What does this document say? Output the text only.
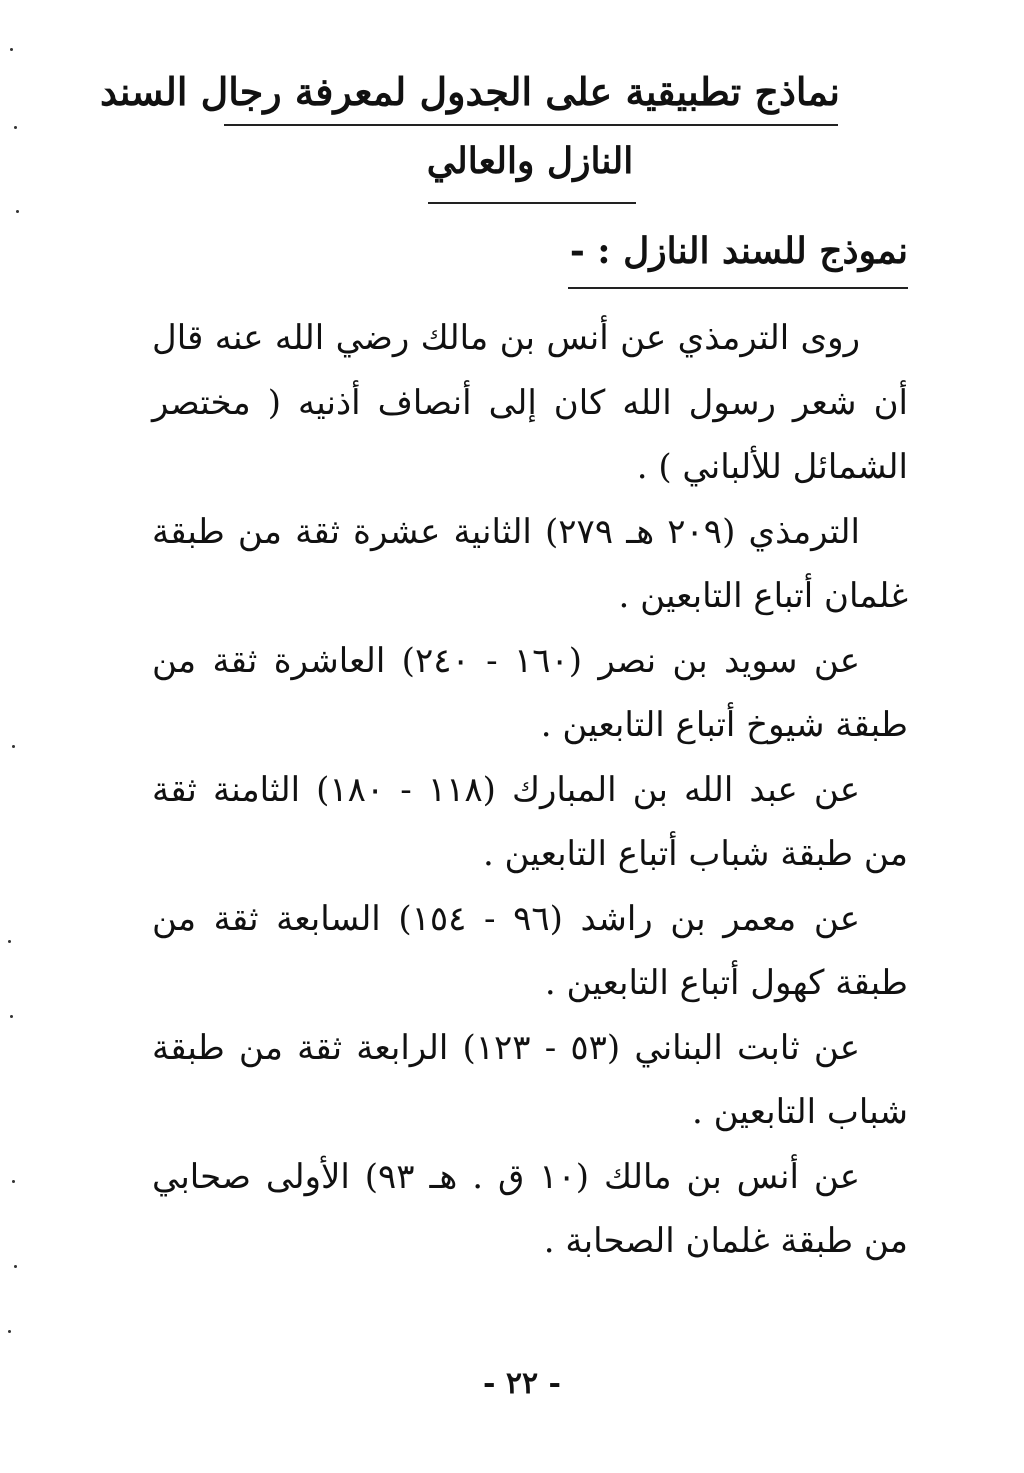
نماذج تطبيقية على الجدول لمعرفة رجال السند
النازل والعالي
نموذج للسند النازل : -

روى الترمذي عن أنس بن مالك رضي الله عنه قال أن شعر رسول الله كان إلى أنصاف أذنيه ( مختصر الشمائل للألباني ) .

الترمذي (٢٠٩ هـ ٢٧٩) الثانية عشرة ثقة من طبقة غلمان أتباع التابعين .

عن سويد بن نصر (١٦٠ - ٢٤٠) العاشرة ثقة من طبقة شيوخ أتباع التابعين .

عن عبد الله بن المبارك (١١٨ - ١٨٠) الثامنة ثقة من طبقة شباب أتباع التابعين .

عن معمر بن راشد (٩٦ - ١٥٤) السابعة ثقة من طبقة كهول أتباع التابعين .

عن ثابت البناني (٥٣ - ١٢٣) الرابعة ثقة من طبقة شباب التابعين .

عن أنس بن مالك (١٠ ق . هـ ٩٣) الأولى صحابي من طبقة غلمان الصحابة .

- ٢٢ -
